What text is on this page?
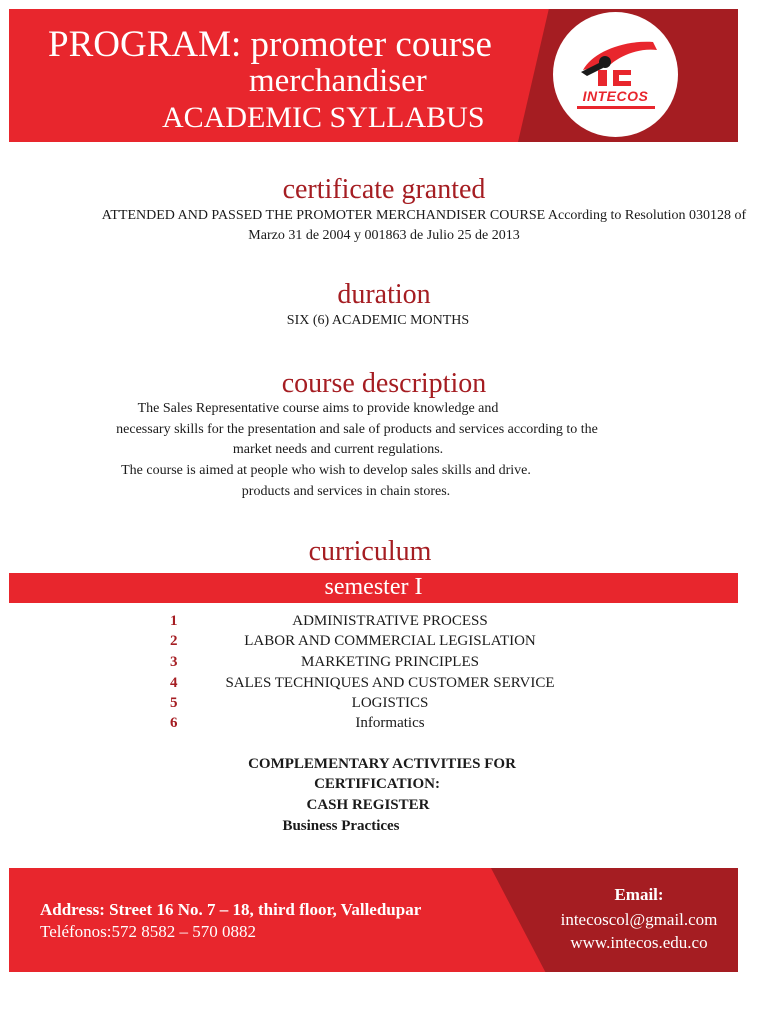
PROGRAM: promoter course
merchandiser
ACADEMIC SYLLABUS
INTECOS
certificate granted
ATTENDED AND PASSED THE PROMOTER MERCHANDISER COURSE According to Resolution 030128 of
Marzo 31 de 2004 y 001863 de Julio 25 de 2013
duration
SIX (6) ACADEMIC MONTHS
course description
The Sales Representative course aims to provide knowledge and
necessary skills for the presentation and sale of products and services according to the
market needs and current regulations.
The course is aimed at people who wish to develop sales skills and drive.
products and services in chain stores.
curriculum
semester I
1	ADMINISTRATIVE PROCESS
2	LABOR AND COMMERCIAL LEGISLATION
3	MARKETING PRINCIPLES
4	SALES TECHNIQUES AND CUSTOMER SERVICE
5	LOGISTICS
6	Informatics
COMPLEMENTARY ACTIVITIES FOR
CERTIFICATION:
CASH REGISTER
Business Practices
Address: Street 16 No. 7 – 18, third floor, Valledupar
Teléfonos:572 8582 – 570 0882
Email:
intecoscol@gmail.com
www.intecos.edu.co
